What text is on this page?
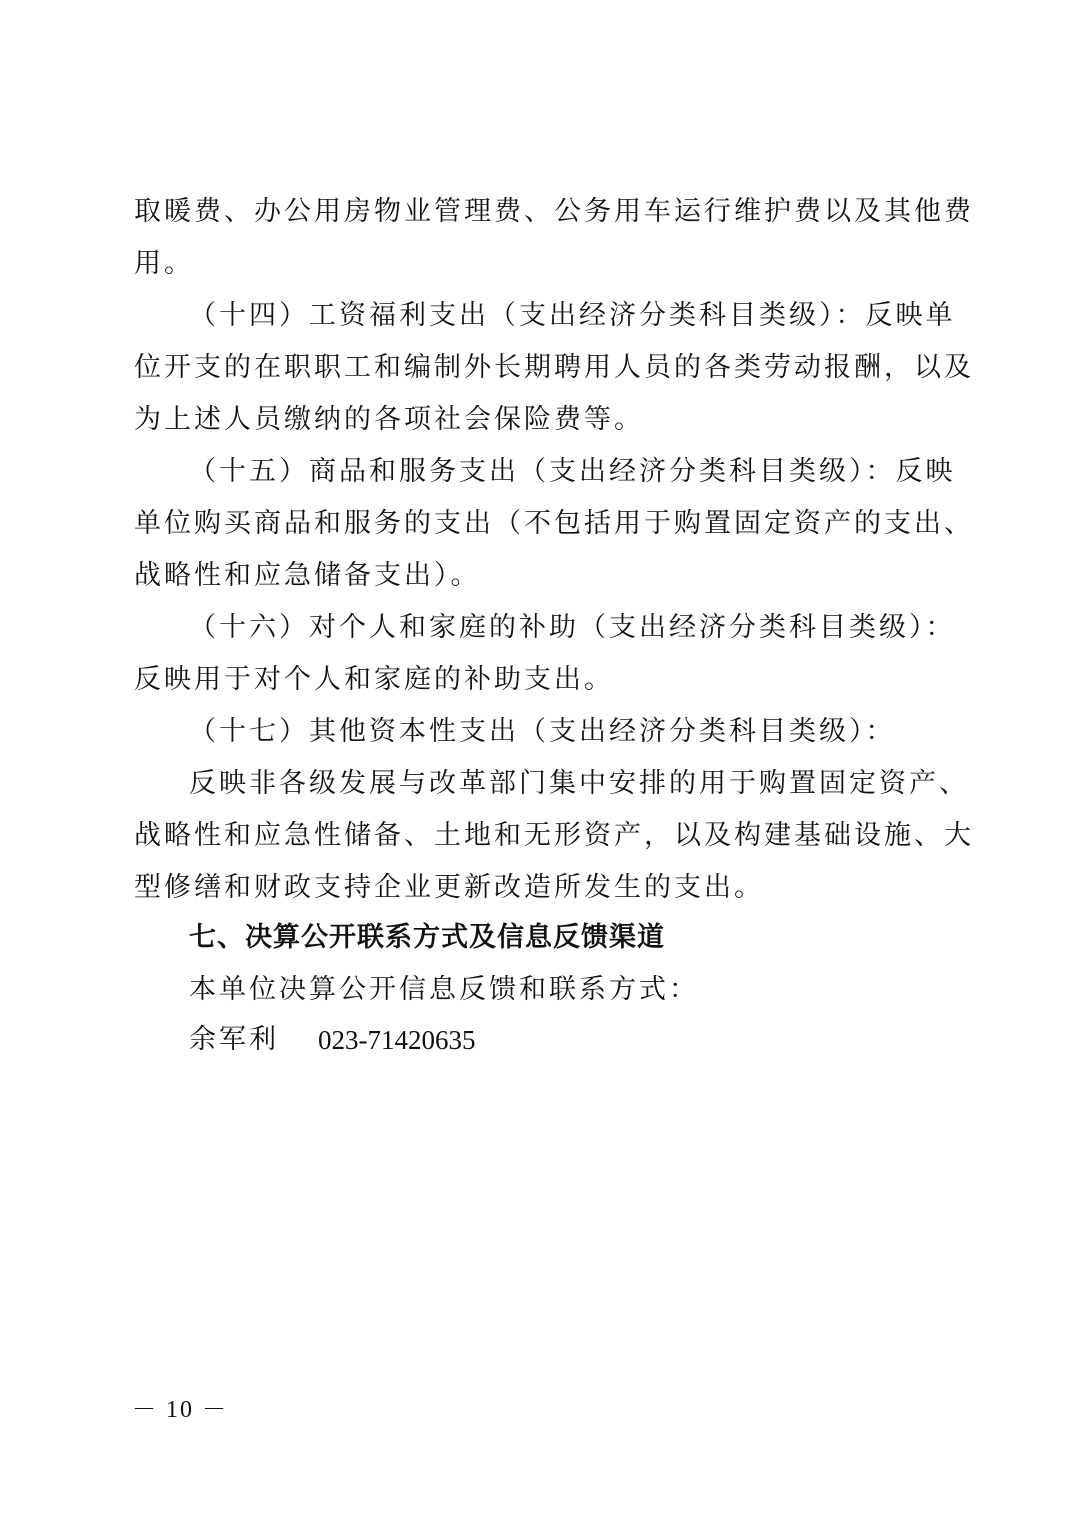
取暖费、办公用房物业管理费、公务用车运行维护费以及其他费
用。
（十四）工资福利支出（支出经济分类科目类级）：反映单
位开支的在职职工和编制外长期聘用人员的各类劳动报酬，以及
为上述人员缴纳的各项社会保险费等。
（十五）商品和服务支出（支出经济分类科目类级）：反映
单位购买商品和服务的支出（不包括用于购置固定资产的支出、
战略性和应急储备支出）。
（十六）对个人和家庭的补助（支出经济分类科目类级）：
反映用于对个人和家庭的补助支出。
（十七）其他资本性支出（支出经济分类科目类级）：
反映非各级发展与改革部门集中安排的用于购置固定资产、
战略性和应急性储备、土地和无形资产，以及构建基础设施、大
型修缮和财政支持企业更新改造所发生的支出。
七、决算公开联系方式及信息反馈渠道
本单位决算公开信息反馈和联系方式：
余军利 023-71420635
－ 10 －
